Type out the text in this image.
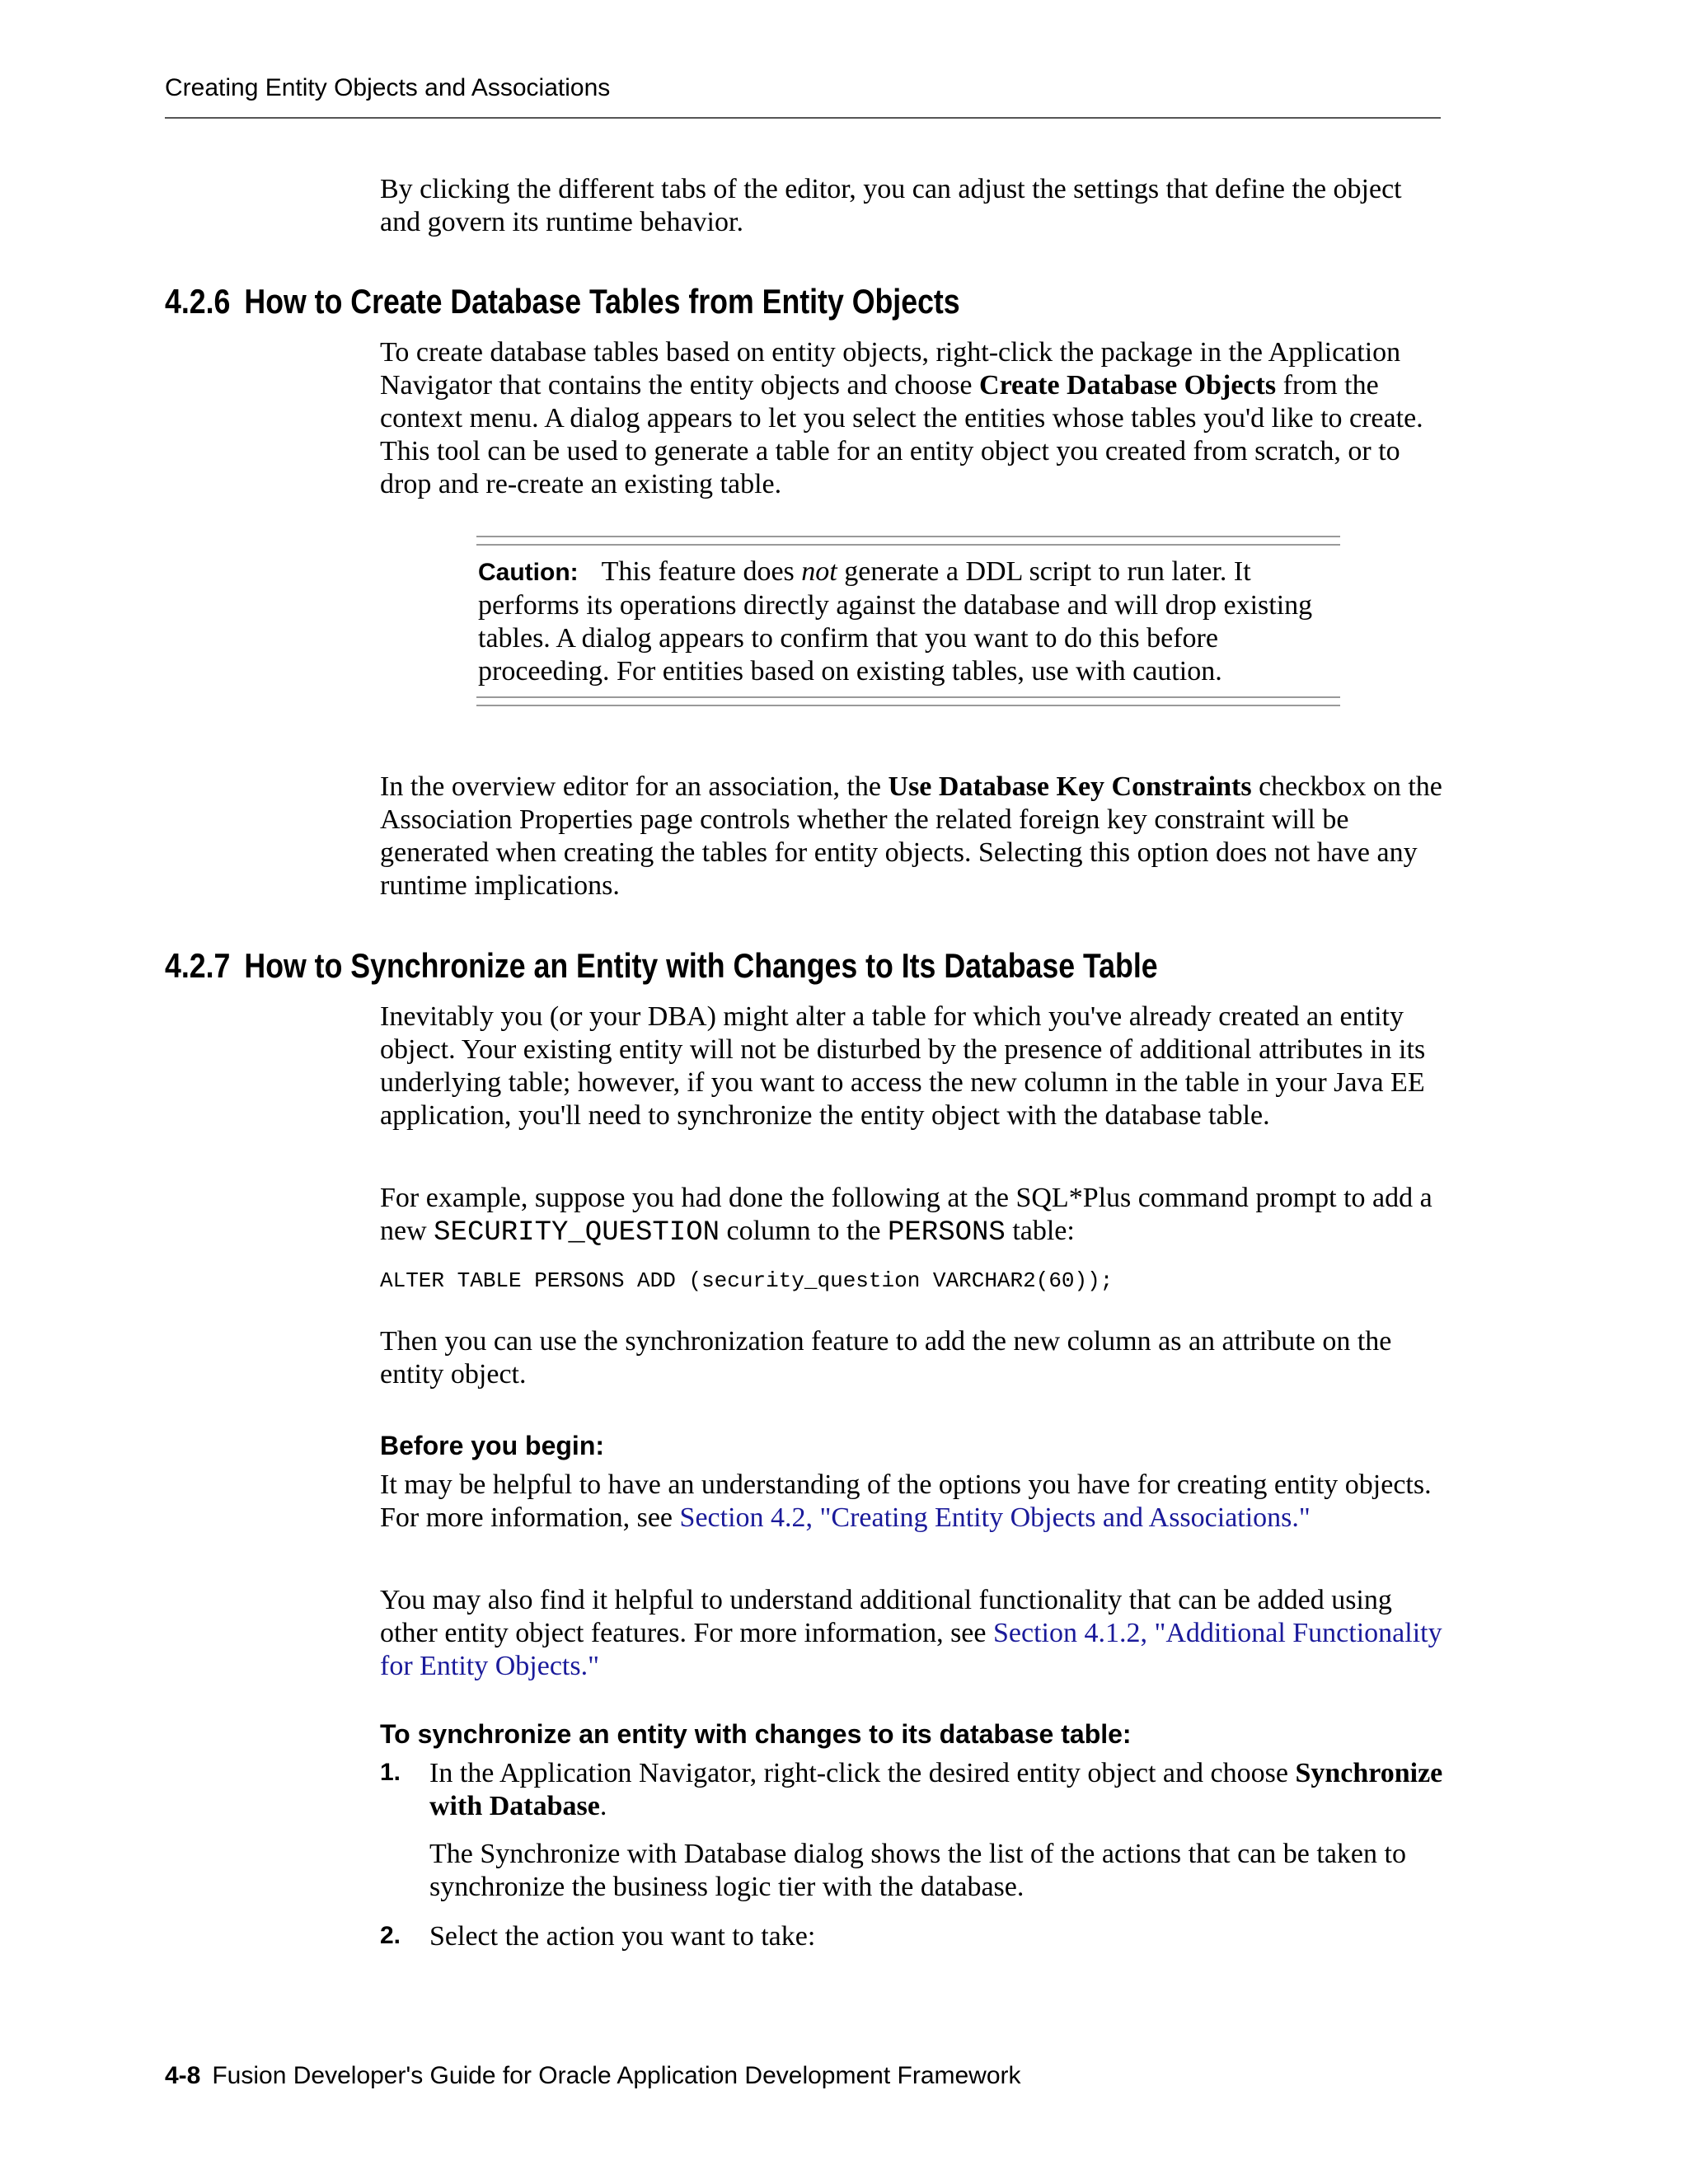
Creating Entity Objects and Associations

By clicking the different tabs of the editor, you can adjust the settings that define the object and govern its runtime behavior.

4.2.6 How to Create Database Tables from Entity Objects

To create database tables based on entity objects, right-click the package in the Application Navigator that contains the entity objects and choose Create Database Objects from the context menu. A dialog appears to let you select the entities whose tables you'd like to create. This tool can be used to generate a table for an entity object you created from scratch, or to drop and re-create an existing table.

Caution: This feature does not generate a DDL script to run later. It performs its operations directly against the database and will drop existing tables. A dialog appears to confirm that you want to do this before proceeding. For entities based on existing tables, use with caution.

In the overview editor for an association, the Use Database Key Constraints checkbox on the Association Properties page controls whether the related foreign key constraint will be generated when creating the tables for entity objects. Selecting this option does not have any runtime implications.

4.2.7 How to Synchronize an Entity with Changes to Its Database Table

Inevitably you (or your DBA) might alter a table for which you've already created an entity object. Your existing entity will not be disturbed by the presence of additional attributes in its underlying table; however, if you want to access the new column in the table in your Java EE application, you'll need to synchronize the entity object with the database table.

For example, suppose you had done the following at the SQL*Plus command prompt to add a new SECURITY_QUESTION column to the PERSONS table:

ALTER TABLE PERSONS ADD (security_question VARCHAR2(60));

Then you can use the synchronization feature to add the new column as an attribute on the entity object.

Before you begin:

It may be helpful to have an understanding of the options you have for creating entity objects. For more information, see Section 4.2, "Creating Entity Objects and Associations."

You may also find it helpful to understand additional functionality that can be added using other entity object features. For more information, see Section 4.1.2, "Additional Functionality for Entity Objects."

To synchronize an entity with changes to its database table:

1. In the Application Navigator, right-click the desired entity object and choose Synchronize with Database.
The Synchronize with Database dialog shows the list of the actions that can be taken to synchronize the business logic tier with the database.
2. Select the action you want to take:
4-8 Fusion Developer's Guide for Oracle Application Development Framework
